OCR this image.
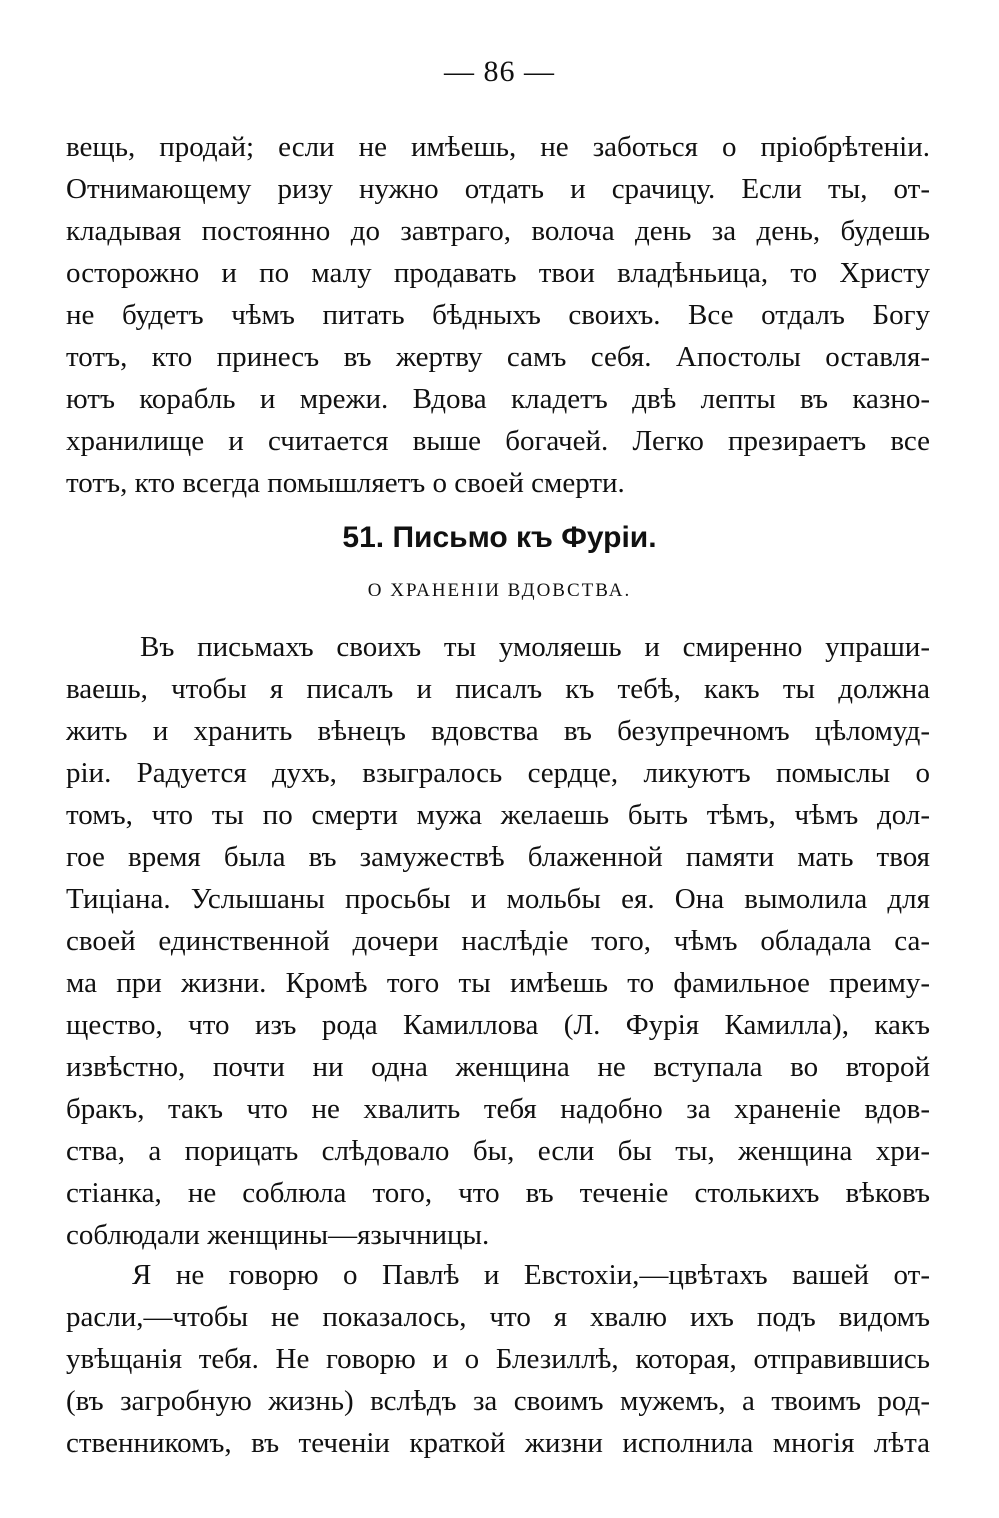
— 86 —
вещь, продай; если не имѣешь, не заботься о пріобрѣтеніи.
Отнимающему ризу нужно отдать и срачицу. Если ты, от-
кладывая постоянно до завтраго, волоча день за день, будешь
осторожно и по малу продавать твои владѣньица, то Христу
не будетъ чѣмъ питать бѣдныхъ своихъ. Все отдалъ Богу
тотъ, кто принесъ въ жертву самъ себя. Апостолы оставля-
ютъ корабль и мрежи. Вдова кладетъ двѣ лепты въ казно-
хранилище и считается выше богачей. Легко презираетъ все
тотъ, кто всегда помышляетъ о своей смерти.
51. Письмо къ Фуріи.
О ХРАНЕНІИ ВДОВСТВА.
Въ письмахъ своихъ ты умоляешь и смиренно упраши-
ваешь, чтобы я писалъ и писалъ къ тебѣ, какъ ты должна
жить и хранить вѣнецъ вдовства въ безупречномъ цѣломуд-
ріи. Радуется духъ, взыгралось сердце, ликуютъ помыслы о
томъ, что ты по смерти мужа желаешь быть тѣмъ, чѣмъ дол-
гое время была въ замужествѣ блаженной памяти мать твоя
Тиціана. Услышаны просьбы и мольбы ея. Она вымолила для
своей единственной дочери наслѣдіе того, чѣмъ обладала са-
ма при жизни. Кромѣ того ты имѣешь то фамильное преиму-
щество, что изъ рода Камиллова (Л. Фурія Камилла), какъ
извѣстно, почти ни одна женщина не вступала во второй
бракъ, такъ что не хвалить тебя надобно за храненіе вдов-
ства, а порицать слѣдовало бы, если бы ты, женщина хри-
стіанка, не соблюла того, что въ теченіе столькихъ вѣковъ
соблюдали женщины—язычницы.
Я не говорю о Павлѣ и Евстохіи,—цвѣтахъ вашей от-
расли,—чтобы не показалось, что я хвалю ихъ подъ видомъ
увѣщанія тебя. Не говорю и о Блезиллѣ, которая, отправившись
(въ загробную жизнь) вслѣдъ за своимъ мужемъ, а твоимъ род-
ственникомъ, въ теченіи краткой жизни исполнила многія лѣта
